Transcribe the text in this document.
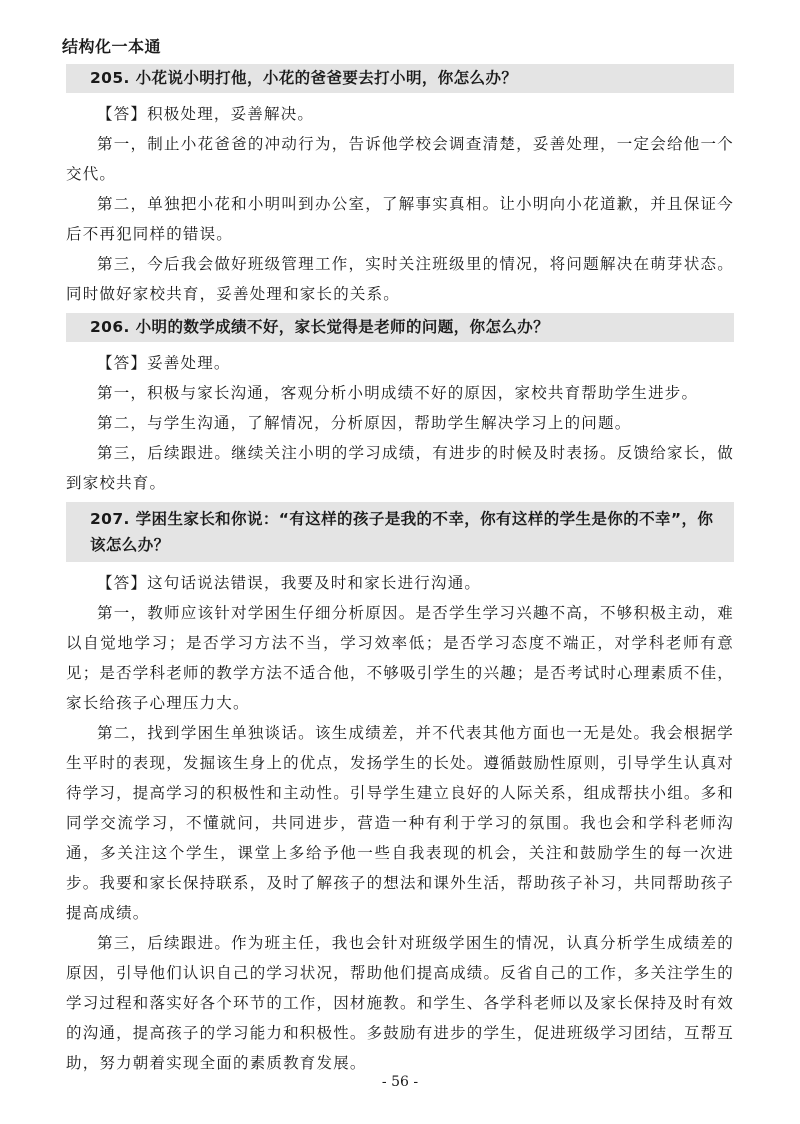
结构化一本通
205. 小花说小明打他，小花的爸爸要去打小明，你怎么办？

【答】积极处理，妥善解决。

第一，制止小花爸爸的冲动行为，告诉他学校会调查清楚，妥善处理，一定会给他一个交代。

第二，单独把小花和小明叫到办公室，了解事实真相。让小明向小花道歉，并且保证今后不再犯同样的错误。

第三，今后我会做好班级管理工作，实时关注班级里的情况，将问题解决在萌芽状态。同时做好家校共育，妥善处理和家长的关系。

206. 小明的数学成绩不好，家长觉得是老师的问题，你怎么办？

【答】妥善处理。

第一，积极与家长沟通，客观分析小明成绩不好的原因，家校共育帮助学生进步。

第二，与学生沟通，了解情况，分析原因，帮助学生解决学习上的问题。

第三，后续跟进。继续关注小明的学习成绩，有进步的时候及时表扬。反馈给家长，做到家校共育。

207. 学困生家长和你说：“有这样的孩子是我的不幸，你有这样的学生是你的不幸”，你该怎么办？

【答】这句话说法错误，我要及时和家长进行沟通。

第一，教师应该针对学困生仔细分析原因。是否学生学习兴趣不高，不够积极主动，难以自觉地学习；是否学习方法不当，学习效率低；是否学习态度不端正，对学科老师有意见；是否学科老师的教学方法不适合他，不够吸引学生的兴趣；是否考试时心理素质不佳，家长给孩子心理压力大。

第二，找到学困生单独谈话。该生成绩差，并不代表其他方面也一无是处。我会根据学生平时的表现，发掘该生身上的优点，发扬学生的长处。遵循鼓励性原则，引导学生认真对待学习，提高学习的积极性和主动性。引导学生建立良好的人际关系，组成帮扶小组。多和同学交流学习，不懂就问，共同进步，营造一种有利于学习的氛围。我也会和学科老师沟通，多关注这个学生，课堂上多给予他一些自我表现的机会，关注和鼓励学生的每一次进步。我要和家长保持联系，及时了解孩子的想法和课外生活，帮助孩子补习，共同帮助孩子提高成绩。

第三，后续跟进。作为班主任，我也会针对班级学困生的情况，认真分析学生成绩差的原因，引导他们认识自己的学习状况，帮助他们提高成绩。反省自己的工作，多关注学生的学习过程和落实好各个环节的工作，因材施教。和学生、各学科老师以及家长保持及时有效的沟通，提高孩子的学习能力和积极性。多鼓励有进步的学生，促进班级学习团结，互帮互助，努力朝着实现全面的素质教育发展。

- 56 -
